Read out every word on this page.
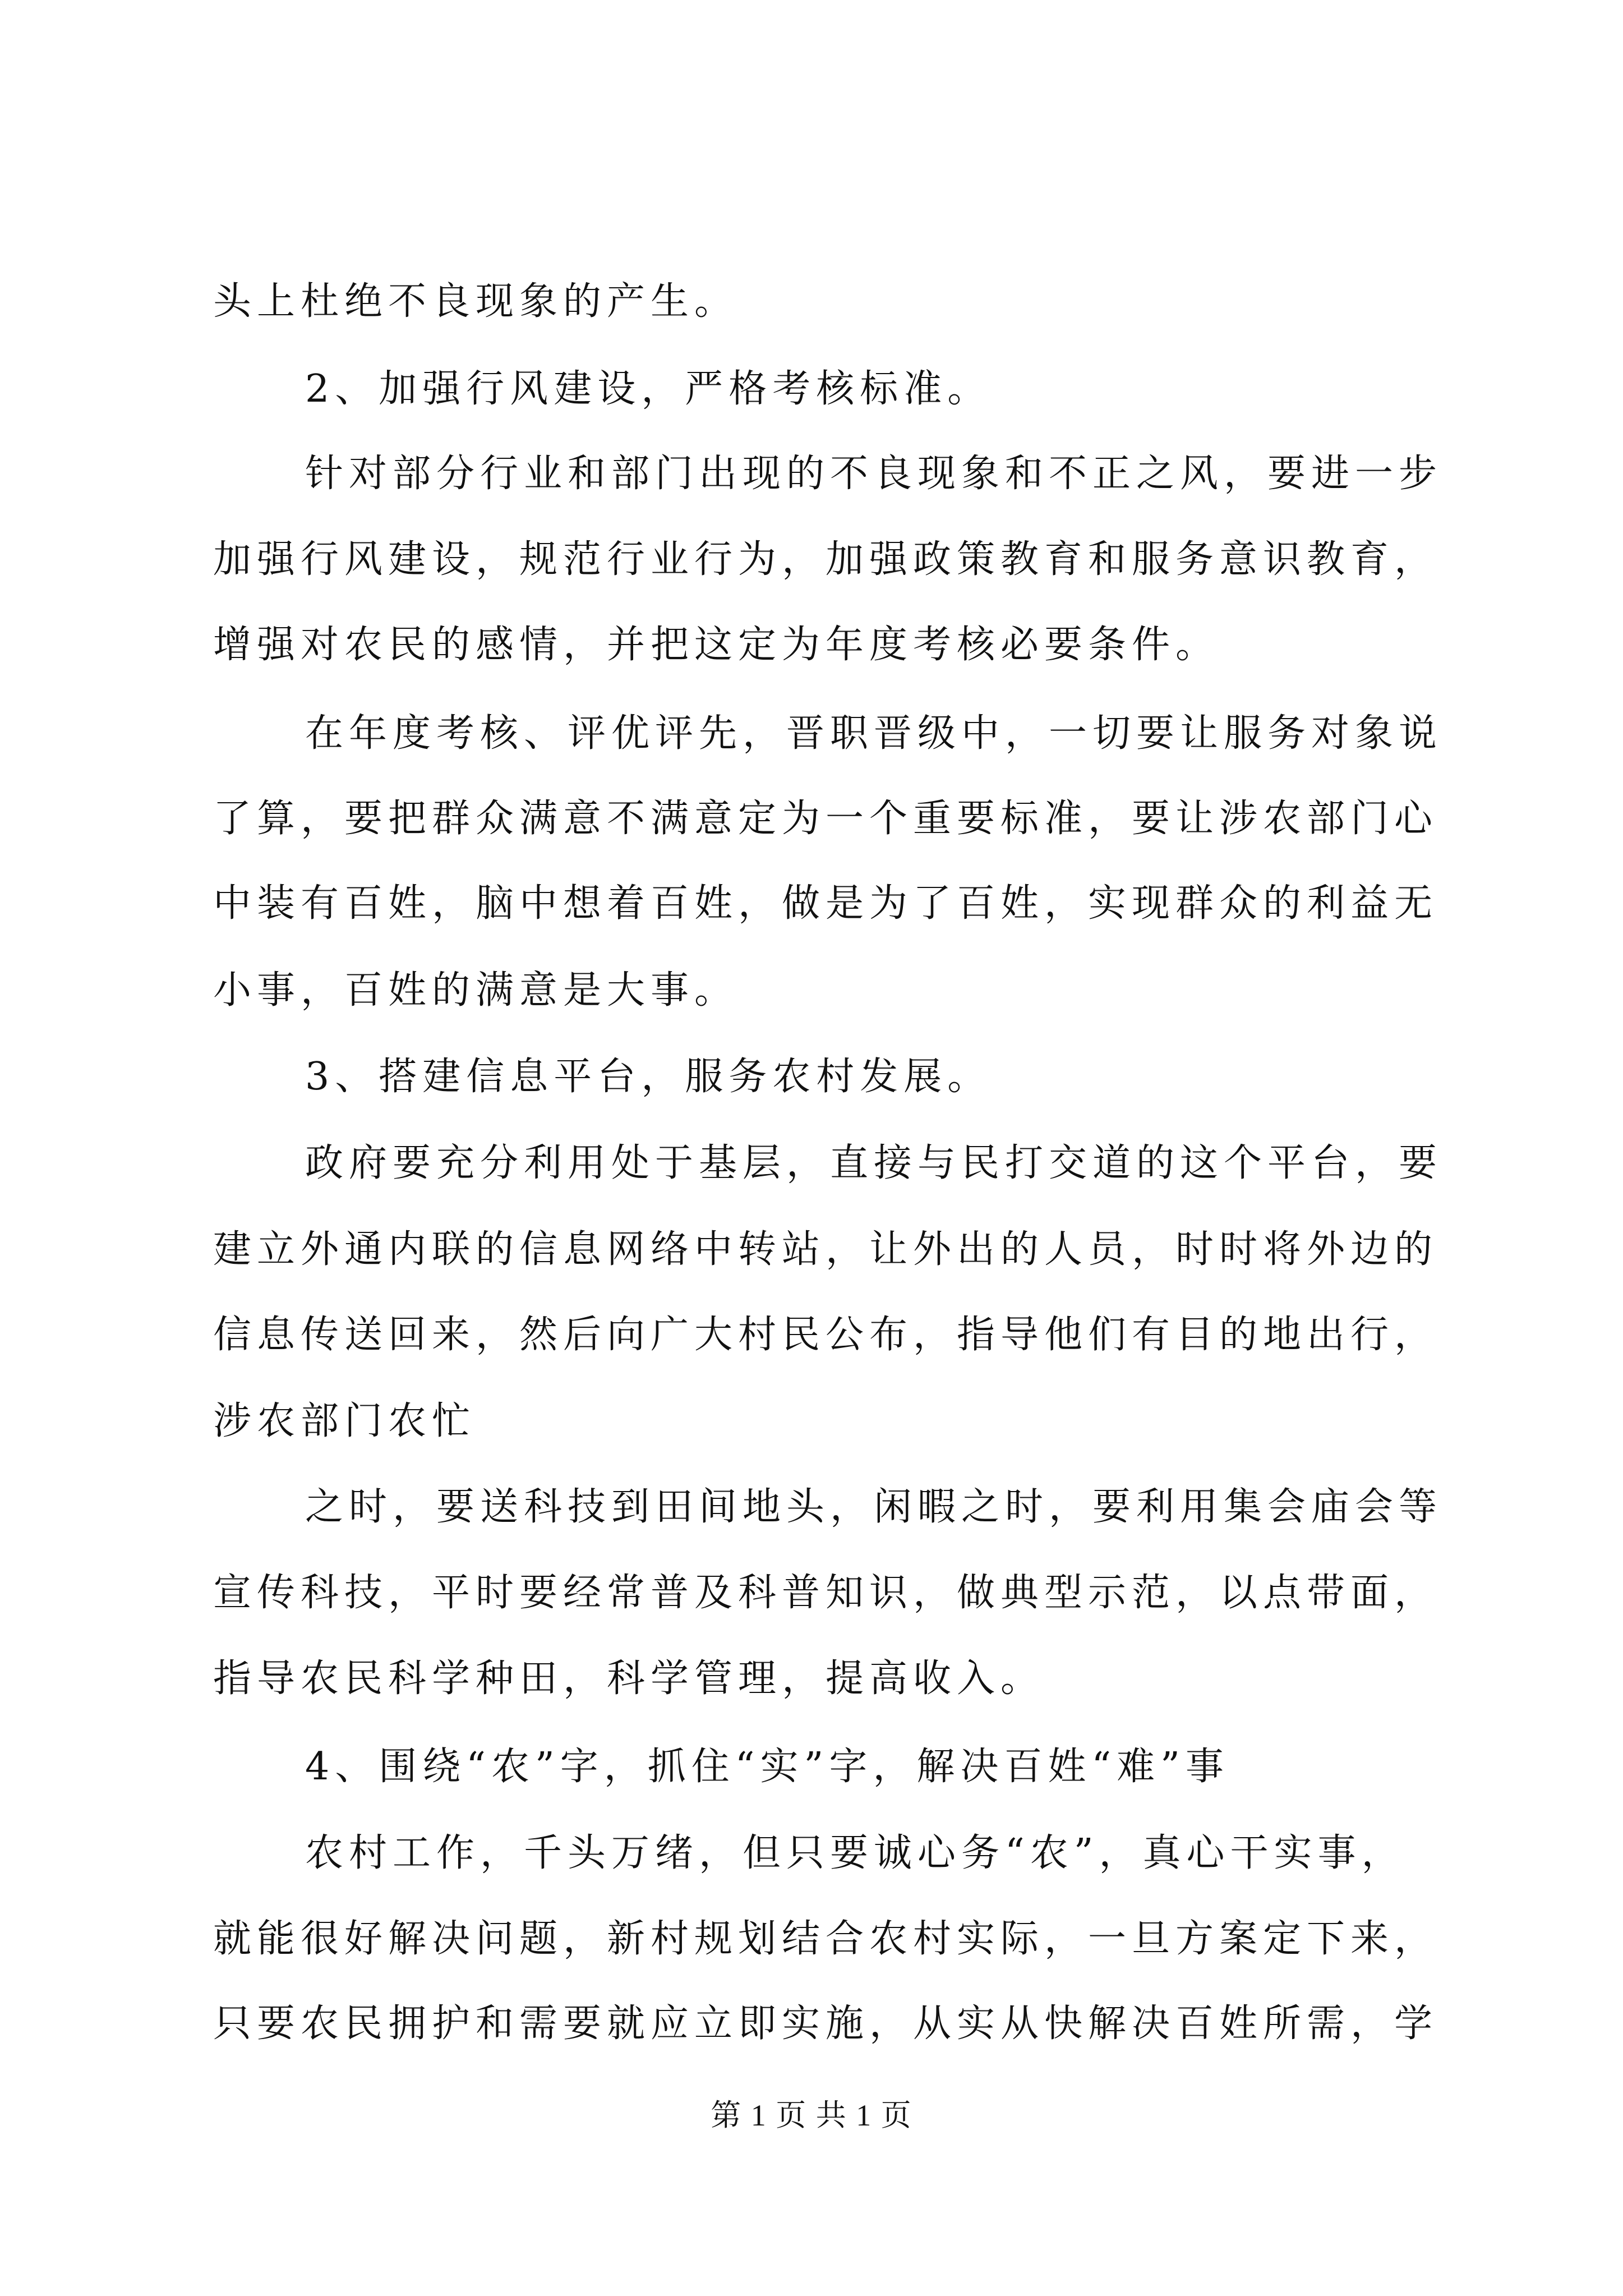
头上杜绝不良现象的产生。
2、加强行风建设，严格考核标准。
针对部分行业和部门出现的不良现象和不正之风，要进一步
加强行风建设，规范行业行为，加强政策教育和服务意识教育，
增强对农民的感情，并把这定为年度考核必要条件。
在年度考核、评优评先，晋职晋级中，一切要让服务对象说
了算，要把群众满意不满意定为一个重要标准，要让涉农部门心
中装有百姓，脑中想着百姓，做是为了百姓，实现群众的利益无
小事，百姓的满意是大事。
3、搭建信息平台，服务农村发展。
政府要充分利用处于基层，直接与民打交道的这个平台，要
建立外通内联的信息网络中转站，让外出的人员，时时将外边的
信息传送回来，然后向广大村民公布，指导他们有目的地出行，
涉农部门农忙
之时，要送科技到田间地头，闲暇之时，要利用集会庙会等
宣传科技，平时要经常普及科普知识，做典型示范，以点带面，
指导农民科学种田，科学管理，提高收入。
4、围绕“农”字，抓住“实”字，解决百姓“难”事
农村工作，千头万绪，但只要诚心务“农”，真心干实事，
就能很好解决问题，新村规划结合农村实际，一旦方案定下来，
只要农民拥护和需要就应立即实施，从实从快解决百姓所需，学
第 1 页 共 1 页
